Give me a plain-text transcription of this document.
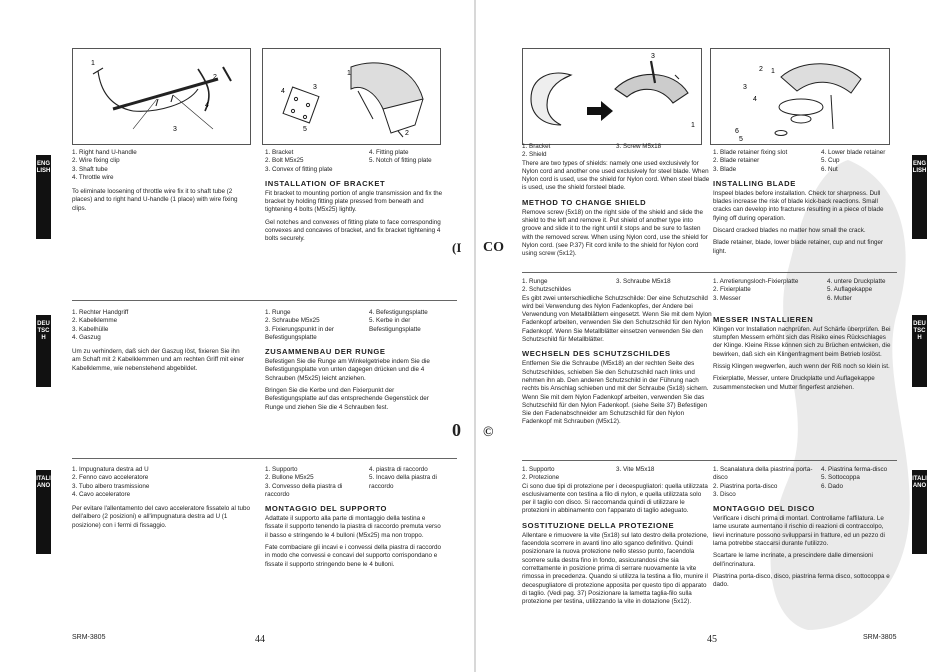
1
2
3
4
1
2
3
4
5
ENGLISH

1. Right hand U-handle

2. Wire fixing clip

3. Shaft tube

4. Throttle wire

To eliminate loosening of throttle wire fix it to shaft tube (2 places) and to right hand U-handle (1 place) with wire fixing clips.

1. Bracket

2. Bolt M5x25

3. Convex of fitting plate

4. Fitting plate

5. Notch of fitting plate

INSTALLATION OF BRACKET

Fit bracket to mounting portion of angle transmission and fix the bracket by holding fitting plate pressed from beneath and tightening 4 bolts (M5x25) lightly.

Gel notches and convexes of fitting plate to face corresponding convexes and concaves of bracket, and fix bracket tightening 4 bolts securely.

(I
DEUTSCH

1. Rechter Handgriff

2. Kabelklemme

3. Kabelhülle

4. Gaszug

Um zu verhindern, daß sich der Gaszug löst, fixieren Sie ihn am Schaft mit 2 Kabelklemmen und am rechten Griff mit einer Kabelklemme, wie nebenstehend abgebildet.

1. Runge

2. Schraube M5x25

3. Fixierungspunkt in der Befestigungsplatte

4. Befestigungsplatte

5. Kerbe in der Befestigungsplatte

ZUSAMMENBAU DER RUNGE

Befestigen Sie die Runge am Winkelgetriebe indem Sie die Befestigungsplatte von unten dagegen drücken und die 4 Schrauben (M5x25) leicht anziehen.

Bringen Sie die Kerbe und den Fixierpunkt der Befestigungsplatte auf das entsprechende Gegenstück der Runge und ziehen Sie die 4 Schrauben fest.

0
ITALIANO

1. Impugnatura destra ad U

2. Fenno cavo acceleratore

3. Tubo albero trasmissione

4. Cavo acceleratore

Per evitare l'allentamento del cavo acceleratore fissatelo al tubo dell'albero (2 posizioni) e all'impugnatura destra ad U (1 posizione) con i fermi di fissaggio.

1. Supporto

2. Bullone M5x25

3. Convesso della piastra di raccordo

4. piastra di raccordo

5. Incavo della piastra di raccordo

MONTAGGIO DEL SUPPORTO

Adattate il supporto alla parte di montaggio della testina e fissate il supporto tenendo la piastra di raccordo premuta verso il basso e stringendo le 4 bulloni (M5x25) ma non troppo.

Fate combaciare gli incavi e i convessi della piastra di raccordo in modo che convessi e concavi del supporto corrispondano e fissate il supporto stringendo bene le 4 bulloni.

SRM-3805	44
1
3
1
2
3
4
5
6

1. Bracket

2. Shield

3. Screw M5x18

There are two types of shields: namely one used exclusively for Nylon cord and another one used exclusively for steel blade. When Nylon cord is used, use the shield for Nylon cord. When steel blade is used, use the shield forsteel blade.

METHOD TO CHANGE SHIELD

Remove screw (5x18) on the right side of the shield and slide the shield to the left and remove it. Put shield of another type into groove and slide it to the right until it stops and be sure to fasten with the removed screw. When using Nylon cord, use the shield for Nylon cord. (see P.37) Fit cord knife to the shield for Nylon cord using screw (5x12).

1. Blade retainer fixing slot

2. Blade retainer

3. Blade

4. Lower blade retainer

5. Cup

6. Nut

INSTALLING BLADE

Inspeel blades before installation. Check tor sharpness. Dull blades increase the risk of blade kick-back reactions. Small cracks can develop into fractures resulting in a piece of blade flying off during operation.

Discard cracked blades no matter how small the crack.

Blade retainer, blade, lower blade retainer, cup and nut finger light.

ENGLISH
CO

1. Runge

2. Schutzschildes

3. Schraube M5x18

Es gibt zwei unterschiedliche Schutzschilde: Der eine Schutzschild wird bei Verwendung des Nylon Fadenkopfes, der Andere bei Verwendung von Metallblättern eingesetzt. Wenn Sie mit dem Nylon Fadenkopf arbeiten, verwenden Sie den Schutzschild für den Nylon Fadenkopf. Wenn Sie Metallblätter einsetzen verwenden Sie den Schutzschild für Metallblätter.

WECHSELN DES SCHUTZSCHILDES

Entfernen Sie die Schraube (M5x18) an der rechten Seite des Schutzschildes, schieben Sie den Schutzschild nach links und nehmen ihn ab. Den anderen Schutzschild in der Führung nach rechts bis Anschlag schieben und mit der Schraube (5x18) sichern. Wenn Sie mit dem Nylon Fadenkopf arbeiten, verwenden Sie das Schutzschild für den Nylon Fadenkopf. (siehe Seite 37) Befestigen Sie den Fadenabschneider am Schutzschild für den Nylon Fadenkopf mit Schrauben (M5x12).

1. Arretierungsloch-Fixierplatte

2. Fixierplatte

3. Messer

4. untere Druckplatte

5. Auflagekappe

6. Mutter

MESSER INSTALLIEREN

Klingen vor Installation nachprüfen. Auf Schärfe überprüfen. Bei stumpfen Messern erhöht sich das Risiko eines Rückschlages der Klinge. Kleine Risse können sich zu Brüchen entwicken, die bewirken, daß sich ein Klingenfragment beim Betrieb loslöst.

Rissig Klingen wegwerfen, auch wenn der Riß noch so klein ist.

Fixierplatte, Messer, untere Druckplatte und Auflagekappe zusammenstecken und Mutter fingerfest anziehen.

DEUTSCH
©

1. Supporto

2. Protezione

3. Vite M5x18

Ci sono due tipi di protezione per i decespugliatori: quella utilizzata esclusivamente con testina a filo di nylon, e quella utilizzata solo per il taglio con disco. Si raccomanda quindi di utilizzare le protezioni in abbinamento con l'apparato di taglio adeguato.

SOSTITUZIONE DELLA PROTEZIONE

Allentare e rimuovere la vite (5x18) sul lato destro della protezione, facendola scorrere in avanti lino allo sganco definitivo. Quindi posizionare la nuova protezione nello stesso punto, facendola scorrere sulla destra fino in fondo, assicurandosi che sia correttamente in posizione prima di serrare nuovamente la vite rimossa in precedenza. Quando si utilizza la testina a filo, munire il decespugliatore di protezione apposita per questo tipo di apparato di taglio. (Vedi pag. 37) Posizionare la lametta taglia-filo sulla protezione per testina, utilizzando la vite in dotazione (5x12).

1. Scanalatura della piastrina porta-disco

2. Piastrina porta-disco

3. Disco

4. Piastrina ferma-disco

5. Sottocoppa

6. Dado

MONTAGGIO DEL DISCO

Verificare i dischi prima di montarl. Controllarne l'affilatura. Le lame usurate aumentano il rischio di reazioni di contraccolpo, lievi incrinature possono svilupparsi in fratture, ed un pezzo di lama potrebbe staccarsi durante l'utilizzo.

Scartare le lame incrinate, a prescindere dalle dimensioni dell'incrinatura.

Piastrina porta-disco, disco, piastrina ferma disco, sottocoppa e dado.

ITALIANO
45	SRM-3805
